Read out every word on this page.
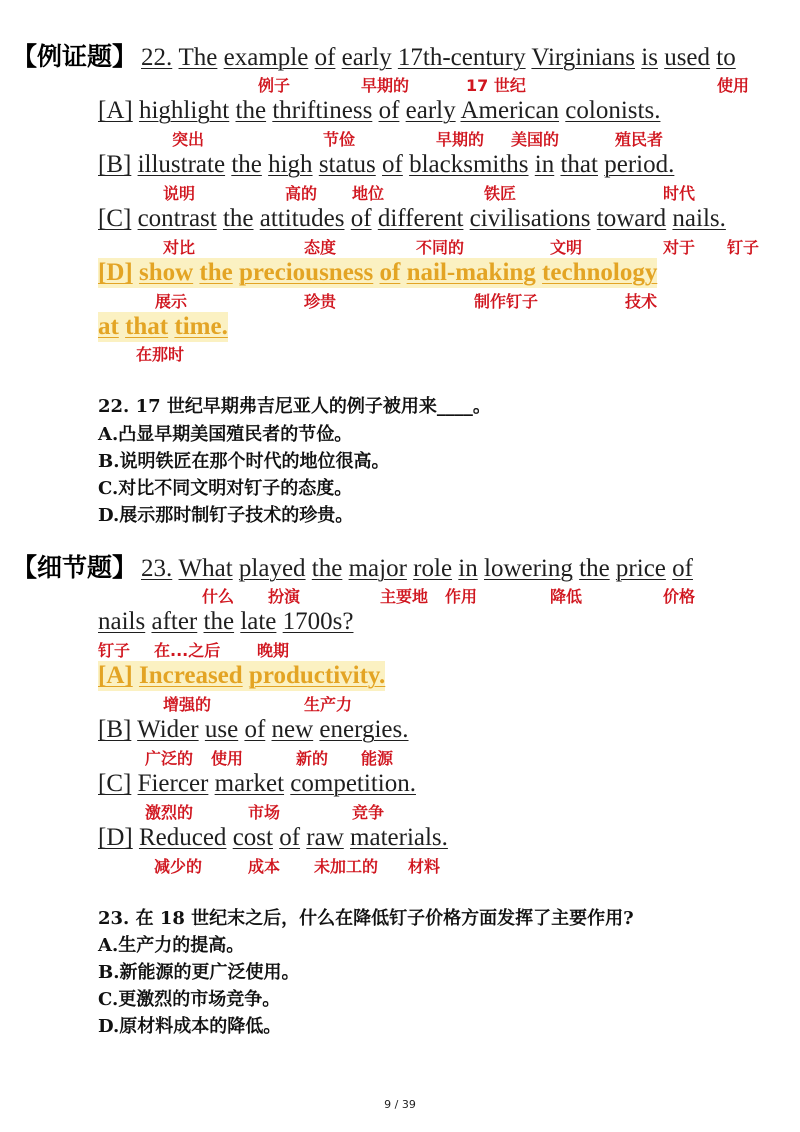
【例证题】 22. The example of early 17th-century Virginians is used to
例子	早期的	17 世纪	使用
[A] highlight the thriftiness of early American colonists.
突出	节俭	早期的 美国的	殖民者
[B] illustrate the high status of blacksmiths in that period.
说明	高的 地位	铁匠	时代
[C] contrast the attitudes of different civilisations toward nails.
对比	态度	不同的	文明	对于 钉子
[D] show the preciousness of nail-making technology
展示	珍贵	制作钉子	技术
at that time.
在那时
22. 17 世纪早期弗吉尼亚人的例子被用来____。
A.凸显早期美国殖民者的节俭。
B.说明铁匠在那个时代的地位很高。
C.对比不同文明对钉子的态度。
D.展示那时制钉子技术的珍贵。
【细节题】 23. What played the major role in lowering the price of
什么 扮演	主要地 作用	降低	价格
nails after the late 1700s?
钉子 在...之后 晚期
[A] Increased productivity.
增强的	生产力
[B] Wider use of new energies.
广泛的 使用	新的 能源
[C] Fiercer market competition.
激烈的	市场	竞争
[D] Reduced cost of raw materials.
减少的	成本 未加工的 材料
23. 在 18 世纪末之后，什么在降低钉子价格方面发挥了主要作用?
A.生产力的提高。
B.新能源的更广泛使用。
C.更激烈的市场竞争。
D.原材料成本的降低。
9 / 39
